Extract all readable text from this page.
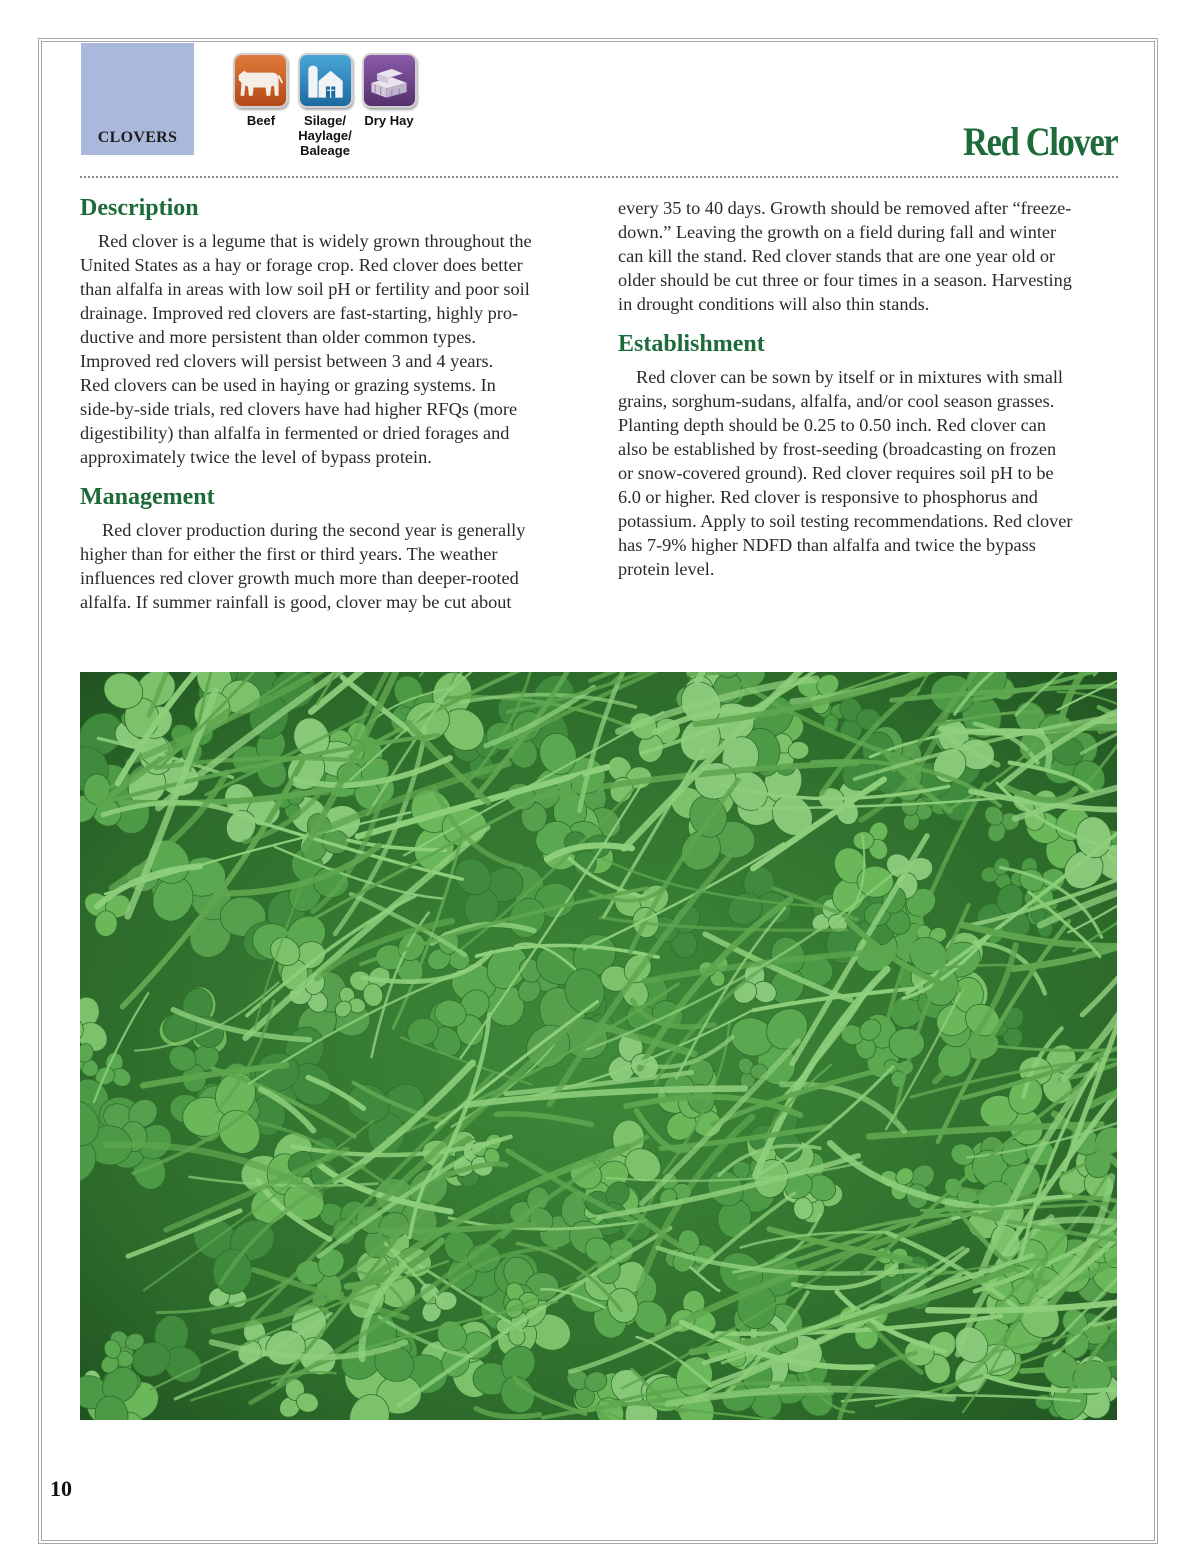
CLOVERS
Beef	Silage/
Haylage/
Baleage
Dry Hay	Red Clover
Description

Red clover is a legume that is widely grown throughout the

United States as a hay or forage crop. Red clover does better

than alfalfa in areas with low soil pH or fertility and poor soil

drainage. Improved red clovers are fast-starting, highly pro-

ductive and more persistent than older common types.

Improved red clovers will persist between 3 and 4 years.

Red clovers can be used in haying or grazing systems. In

side-by-side trials, red clovers have had higher RFQs (more

digestibility) than alfalfa in fermented or dried forages and

approximately twice the level of bypass protein.

Management

Red clover production during the second year is generally

higher than for either the first or third years. The weather

influences red clover growth much more than deeper-rooted

alfalfa. If summer rainfall is good, clover may be cut about

every 35 to 40 days. Growth should be removed after “freeze-

down.” Leaving the growth on a field during fall and winter

can kill the stand. Red clover stands that are one year old or

older should be cut three or four times in a season. Harvesting

in drought conditions will also thin stands.

Establishment

Red clover can be sown by itself or in mixtures with small

grains, sorghum-sudans, alfalfa, and/or cool season grasses.

Planting depth should be 0.25 to 0.50 inch. Red clover can

also be established by frost-seeding (broadcasting on frozen

or snow-covered ground). Red clover requires soil pH to be

6.0 or higher. Red clover is responsive to phosphorus and

potassium. Apply to soil testing recommendations. Red clover

has 7-9% higher NDFD than alfalfa and twice the bypass

protein level.

10
